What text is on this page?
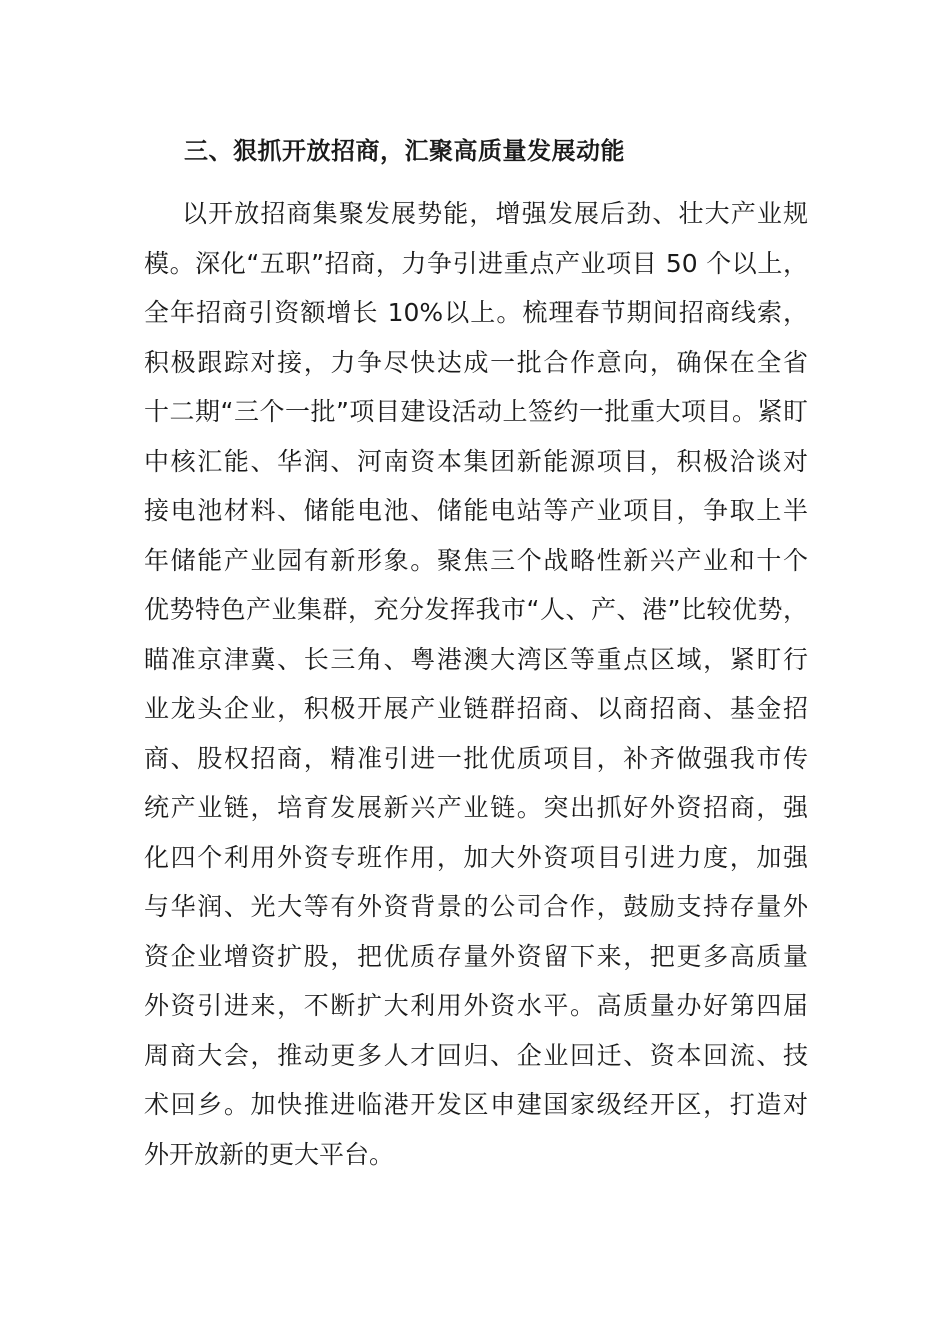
三、狠抓开放招商，汇聚高质量发展动能
以开放招商集聚发展势能，增强发展后劲、壮大产业规
模。深化“五职”招商，力争引进重点产业项目 50 个以上，
全年招商引资额增长 10%以上。梳理春节期间招商线索，
积极跟踪对接，力争尽快达成一批合作意向，确保在全省
十二期“三个一批”项目建设活动上签约一批重大项目。紧盯
中核汇能、华润、河南资本集团新能源项目，积极洽谈对
接电池材料、储能电池、储能电站等产业项目，争取上半
年储能产业园有新形象。聚焦三个战略性新兴产业和十个
优势特色产业集群，充分发挥我市“人、产、港”比较优势，
瞄准京津冀、长三角、粤港澳大湾区等重点区域，紧盯行
业龙头企业，积极开展产业链群招商、以商招商、基金招
商、股权招商，精准引进一批优质项目，补齐做强我市传
统产业链，培育发展新兴产业链。突出抓好外资招商，强
化四个利用外资专班作用，加大外资项目引进力度，加强
与华润、光大等有外资背景的公司合作，鼓励支持存量外
资企业增资扩股，把优质存量外资留下来，把更多高质量
外资引进来，不断扩大利用外资水平。高质量办好第四届
周商大会，推动更多人才回归、企业回迁、资本回流、技
术回乡。加快推进临港开发区申建国家级经开区，打造对
外开放新的更大平台。
